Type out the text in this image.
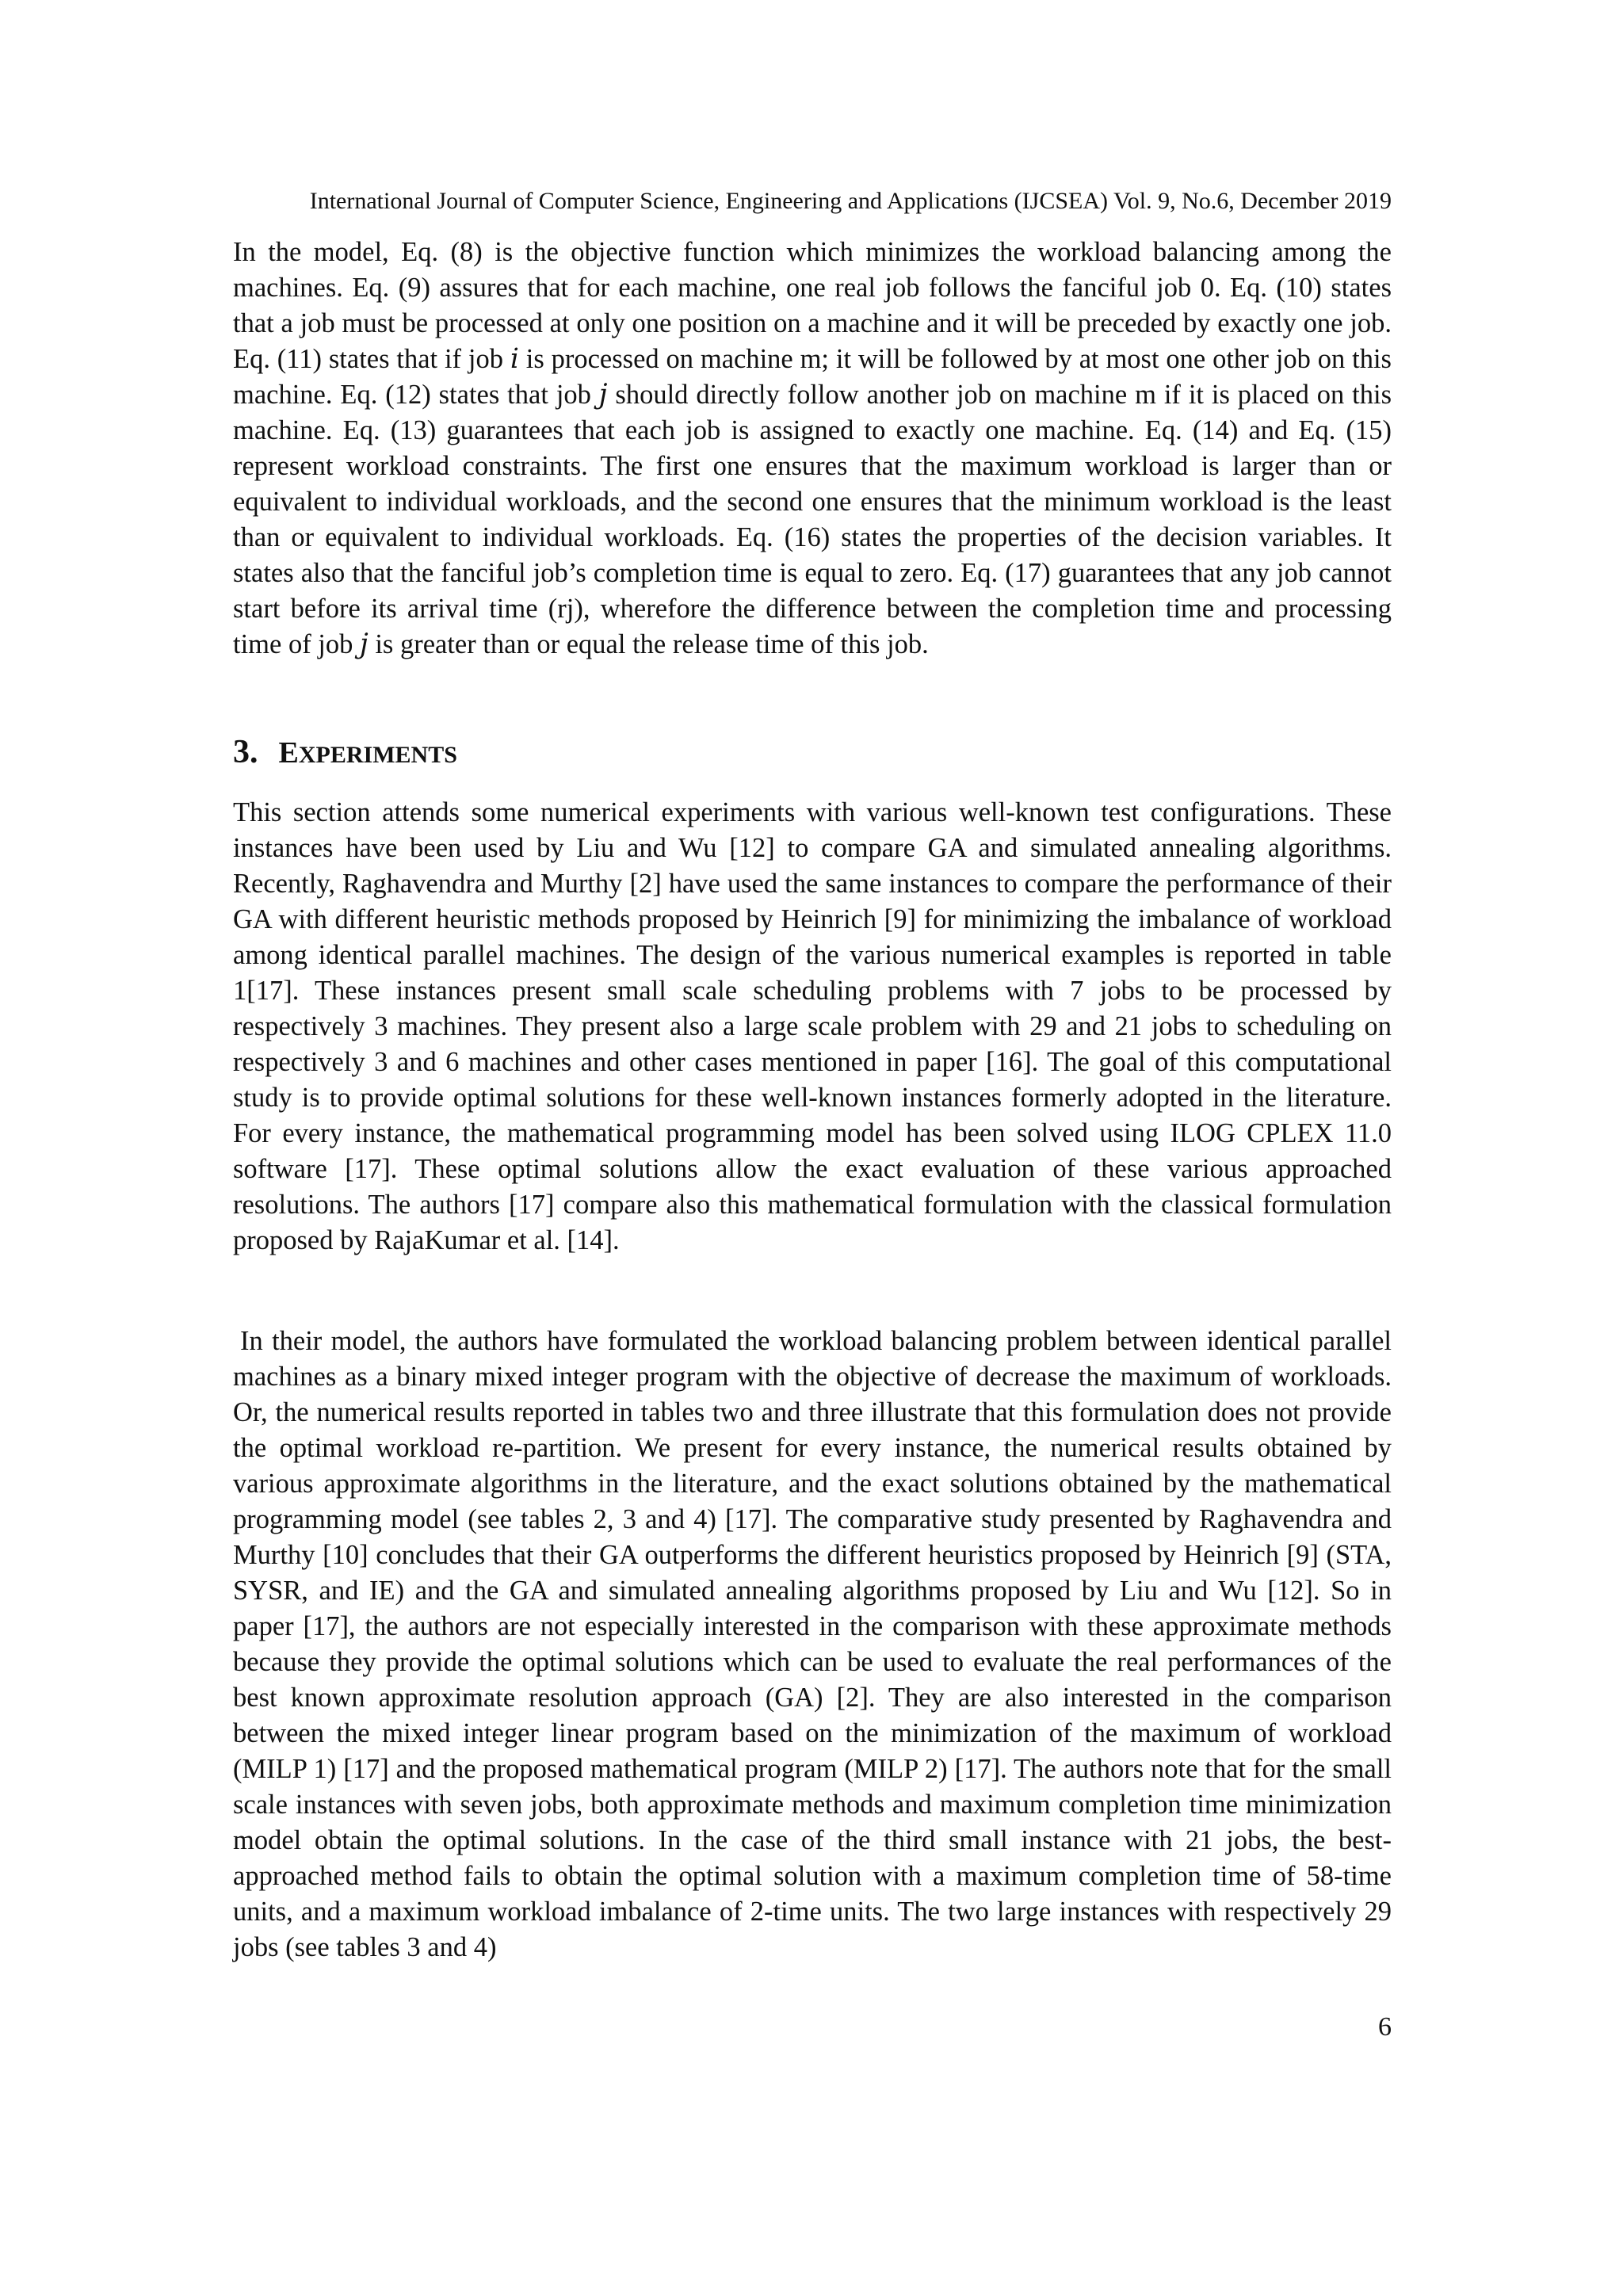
International Journal of Computer Science, Engineering and Applications (IJCSEA) Vol. 9, No.6, December 2019

In the model, Eq. (8) is the objective function which minimizes the workload balancing among the machines. Eq. (9) assures that for each machine, one real job follows the fanciful job 0. Eq. (10) states that a job must be processed at only one position on a machine and it will be preceded by exactly one job. Eq. (11) states that if job 𝑖 is processed on machine m; it will be followed by at most one other job on this machine. Eq. (12) states that job 𝑗 should directly follow another job on machine m if it is placed on this machine. Eq. (13) guarantees that each job is assigned to exactly one machine. Eq. (14) and Eq. (15) represent workload constraints. The first one ensures that the maximum workload is larger than or equivalent to individual workloads, and the second one ensures that the minimum workload is the least than or equivalent to individual workloads. Eq. (16) states the properties of the decision variables. It states also that the fanciful job’s completion time is equal to zero. Eq. (17) guarantees that any job cannot start before its arrival time (rj), wherefore the difference between the completion time and processing time of job 𝑗 is greater than or equal the release time of this job.

3. EXPERIMENTS

This section attends some numerical experiments with various well-known test configurations. These instances have been used by Liu and Wu [12] to compare GA and simulated annealing algorithms. Recently, Raghavendra and Murthy [2] have used the same instances to compare the performance of their GA with different heuristic methods proposed by Heinrich [9] for minimizing the imbalance of workload among identical parallel machines. The design of the various numerical examples is reported in table 1[17]. These instances present small scale scheduling problems with 7 jobs to be processed by respectively 3 machines. They present also a large scale problem with 29 and 21 jobs to scheduling on respectively 3 and 6 machines and other cases mentioned in paper [16]. The goal of this computational study is to provide optimal solutions for these well-known instances formerly adopted in the literature. For every instance, the mathematical programming model has been solved using ILOG CPLEX 11.0 software [17]. These optimal solutions allow the exact evaluation of these various approached resolutions. The authors [17] compare also this mathematical formulation with the classical formulation proposed by RajaKumar et al. [14].

In their model, the authors have formulated the workload balancing problem between identical parallel machines as a binary mixed integer program with the objective of decrease the maximum of workloads. Or, the numerical results reported in tables two and three illustrate that this formulation does not provide the optimal workload re-partition. We present for every instance, the numerical results obtained by various approximate algorithms in the literature, and the exact solutions obtained by the mathematical programming model (see tables 2, 3 and 4) [17]. The comparative study presented by Raghavendra and Murthy [10] concludes that their GA outperforms the different heuristics proposed by Heinrich [9] (STA, SYSR, and IE) and the GA and simulated annealing algorithms proposed by Liu and Wu [12]. So in paper [17], the authors are not especially interested in the comparison with these approximate methods because they provide the optimal solutions which can be used to evaluate the real performances of the best known approximate resolution approach (GA) [2]. They are also interested in the comparison between the mixed integer linear program based on the minimization of the maximum of workload (MILP 1) [17] and the proposed mathematical program (MILP 2) [17]. The authors note that for the small scale instances with seven jobs, both approximate methods and maximum completion time minimization model obtain the optimal solutions. In the case of the third small instance with 21 jobs, the best-approached method fails to obtain the optimal solution with a maximum completion time of 58-time units, and a maximum workload imbalance of 2-time units. The two large instances with respectively 29 jobs (see tables 3 and 4)

6
